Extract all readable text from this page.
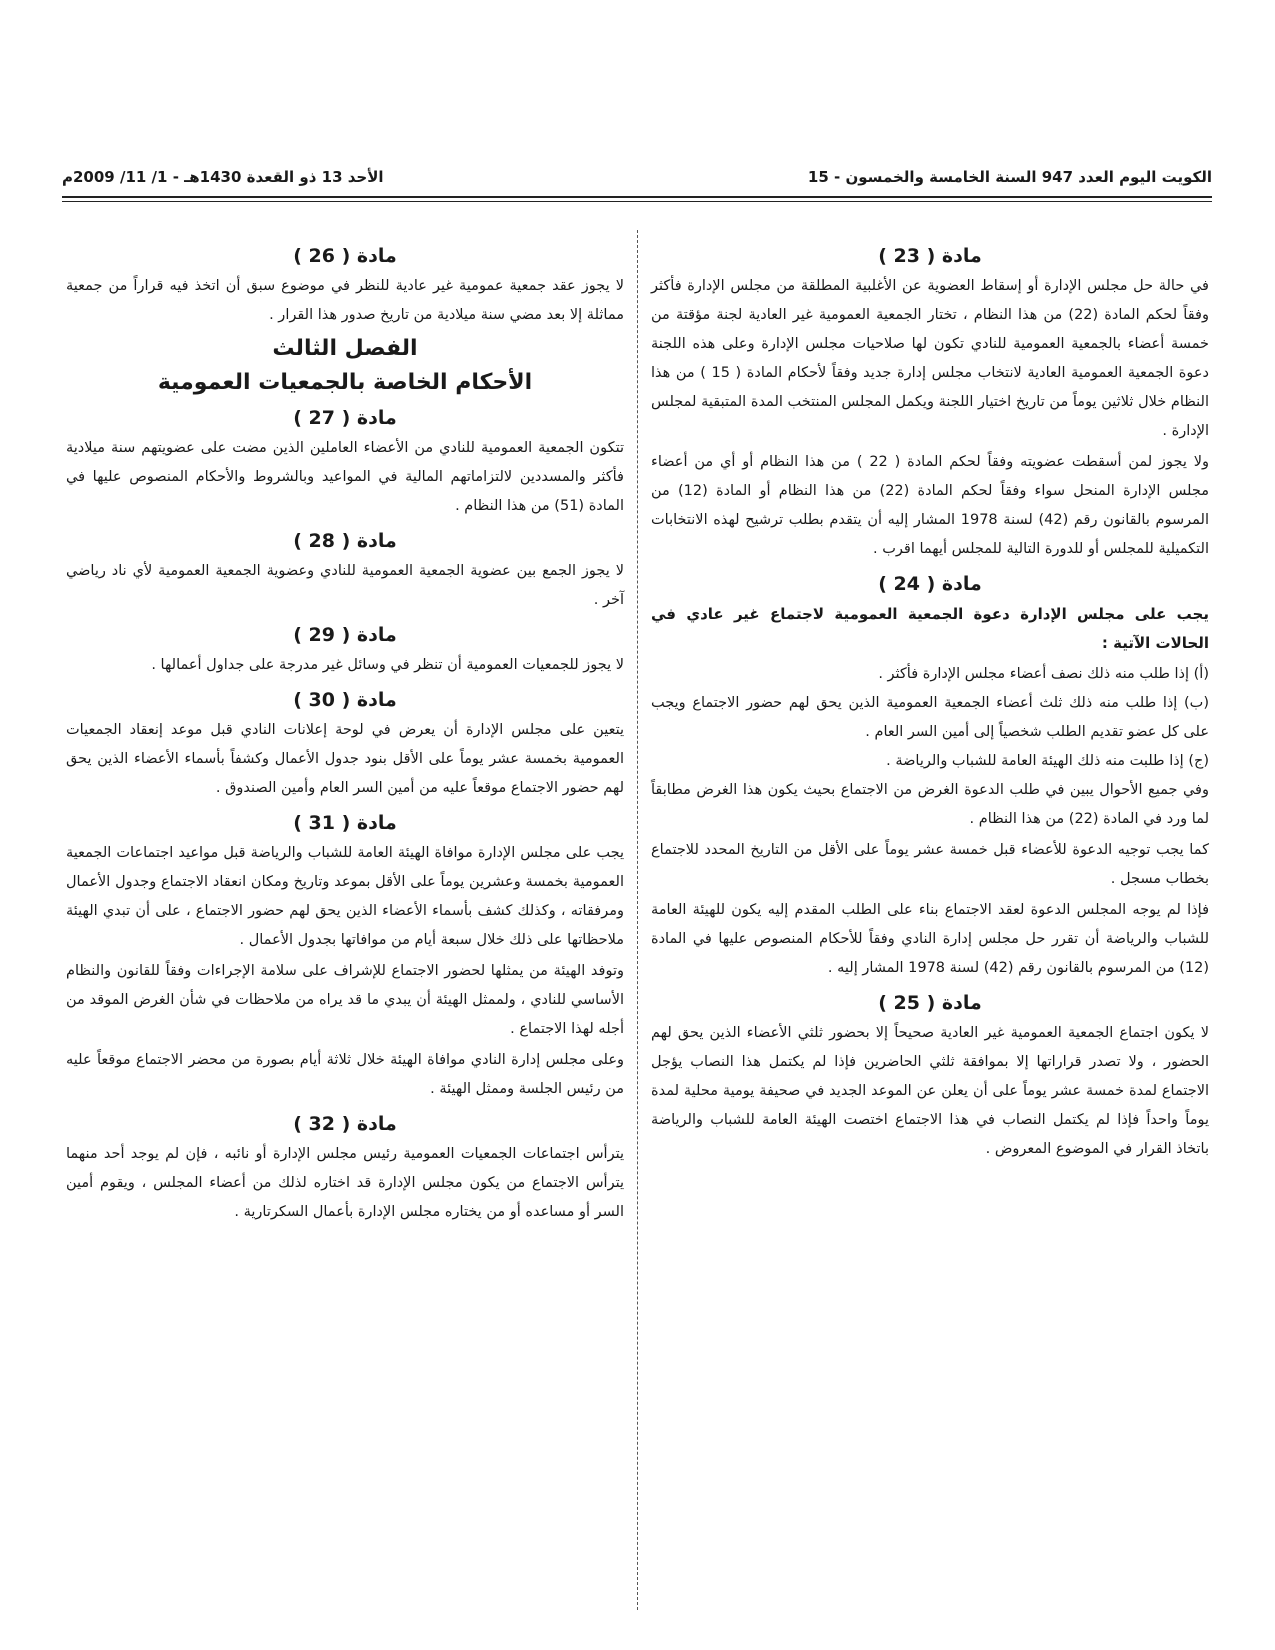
الكويت اليوم العدد 947 السنة الخامسة والخمسون - 15
الأحد 13 ذو القعدة 1430هـ - 1/ 11/ 2009م
مادة ( 23 )

في حالة حل مجلس الإدارة أو إسقاط العضوية عن الأغلبية المطلقة من مجلس الإدارة فأكثر وفقاً لحكم المادة (22) من هذا النظام ، تختار الجمعية العمومية غير العادية لجنة مؤقتة من خمسة أعضاء بالجمعية العمومية للنادي تكون لها صلاحيات مجلس الإدارة وعلى هذه اللجنة دعوة الجمعية العمومية العادية لانتخاب مجلس إدارة جديد وفقاً لأحكام المادة ( 15 ) من هذا النظام خلال ثلاثين يوماً من تاريخ اختيار اللجنة ويكمل المجلس المنتخب المدة المتبقية لمجلس الإدارة .

ولا يجوز لمن أسقطت عضويته وفقاً لحكم المادة ( 22 ) من هذا النظام أو أي من أعضاء مجلس الإدارة المنحل سواء وفقاً لحكم المادة (22) من هذا النظام أو المادة (12) من المرسوم بالقانون رقم (42) لسنة 1978 المشار إليه أن يتقدم بطلب ترشيح لهذه الانتخابات التكميلية للمجلس أو للدورة التالية للمجلس أيهما اقرب .

مادة ( 24 )

يجب على مجلس الإدارة دعوة الجمعية العمومية لاجتماع غير عادي في الحالات الآتية :

(أ) إذا طلب منه ذلك نصف أعضاء مجلس الإدارة فأكثر .

(ب) إذا طلب منه ذلك ثلث أعضاء الجمعية العمومية الذين يحق لهم حضور الاجتماع ويجب على كل عضو تقديم الطلب شخصياً إلى أمين السر العام .

(ج) إذا طلبت منه ذلك الهيئة العامة للشباب والرياضة .

وفي جميع الأحوال يبين في طلب الدعوة الغرض من الاجتماع بحيث يكون هذا الغرض مطابقاً لما ورد في المادة (22) من هذا النظام .

كما يجب توجيه الدعوة للأعضاء قبل خمسة عشر يوماً على الأقل من التاريخ المحدد للاجتماع بخطاب مسجل .

فإذا لم يوجه المجلس الدعوة لعقد الاجتماع بناء على الطلب المقدم إليه يكون للهيئة العامة للشباب والرياضة أن تقرر حل مجلس إدارة النادي وفقاً للأحكام المنصوص عليها في المادة (12) من المرسوم بالقانون رقم (42) لسنة 1978 المشار إليه .

مادة ( 25 )

لا يكون اجتماع الجمعية العمومية غير العادية صحيحاً إلا بحضور ثلثي الأعضاء الذين يحق لهم الحضور ، ولا تصدر قراراتها إلا بموافقة ثلثي الحاضرين فإذا لم يكتمل هذا النصاب يؤجل الاجتماع لمدة خمسة عشر يوماً على أن يعلن عن الموعد الجديد في صحيفة يومية محلية لمدة يوماً واحداً فإذا لم يكتمل النصاب في هذا الاجتماع اختصت الهيئة العامة للشباب والرياضة باتخاذ القرار في الموضوع المعروض .

مادة ( 26 )

لا يجوز عقد جمعية عمومية غير عادية للنظر في موضوع سبق أن اتخذ فيه قراراً من جمعية مماثلة إلا بعد مضي سنة ميلادية من تاريخ صدور هذا القرار .

الفصل الثالث
الأحكام الخاصة بالجمعيات العمومية
مادة ( 27 )

تتكون الجمعية العمومية للنادي من الأعضاء العاملين الذين مضت على عضويتهم سنة ميلادية فأكثر والمسددين لالتزاماتهم المالية في المواعيد وبالشروط والأحكام المنصوص عليها في المادة (51) من هذا النظام .

مادة ( 28 )

لا يجوز الجمع بين عضوية الجمعية العمومية للنادي وعضوية الجمعية العمومية لأي ناد رياضي آخر .

مادة ( 29 )

لا يجوز للجمعيات العمومية أن تنظر في وسائل غير مدرجة على جداول أعمالها .

مادة ( 30 )

يتعين على مجلس الإدارة أن يعرض في لوحة إعلانات النادي قبل موعد إنعقاد الجمعيات العمومية بخمسة عشر يوماً على الأقل بنود جدول الأعمال وكشفاً بأسماء الأعضاء الذين يحق لهم حضور الاجتماع موقعاً عليه من أمين السر العام وأمين الصندوق .

مادة ( 31 )

يجب على مجلس الإدارة موافاة الهيئة العامة للشباب والرياضة قبل مواعيد اجتماعات الجمعية العمومية بخمسة وعشرين يوماً على الأقل بموعد وتاريخ ومكان انعقاد الاجتماع وجدول الأعمال ومرفقاته ، وكذلك كشف بأسماء الأعضاء الذين يحق لهم حضور الاجتماع ، على أن تبدي الهيئة ملاحظاتها على ذلك خلال سبعة أيام من موافاتها بجدول الأعمال .

وتوفد الهيئة من يمثلها لحضور الاجتماع للإشراف على سلامة الإجراءات وفقاً للقانون والنظام الأساسي للنادي ، ولممثل الهيئة أن يبدي ما قد يراه من ملاحظات في شأن الغرض الموقد من أجله لهذا الاجتماع .

وعلى مجلس إدارة النادي موافاة الهيئة خلال ثلاثة أيام بصورة من محضر الاجتماع موقعاً عليه من رئيس الجلسة وممثل الهيئة .

مادة ( 32 )

يترأس اجتماعات الجمعيات العمومية رئيس مجلس الإدارة أو نائبه ، فإن لم يوجد أحد منهما يترأس الاجتماع من يكون مجلس الإدارة قد اختاره لذلك من أعضاء المجلس ، ويقوم أمين السر أو مساعده أو من يختاره مجلس الإدارة بأعمال السكرتارية .
